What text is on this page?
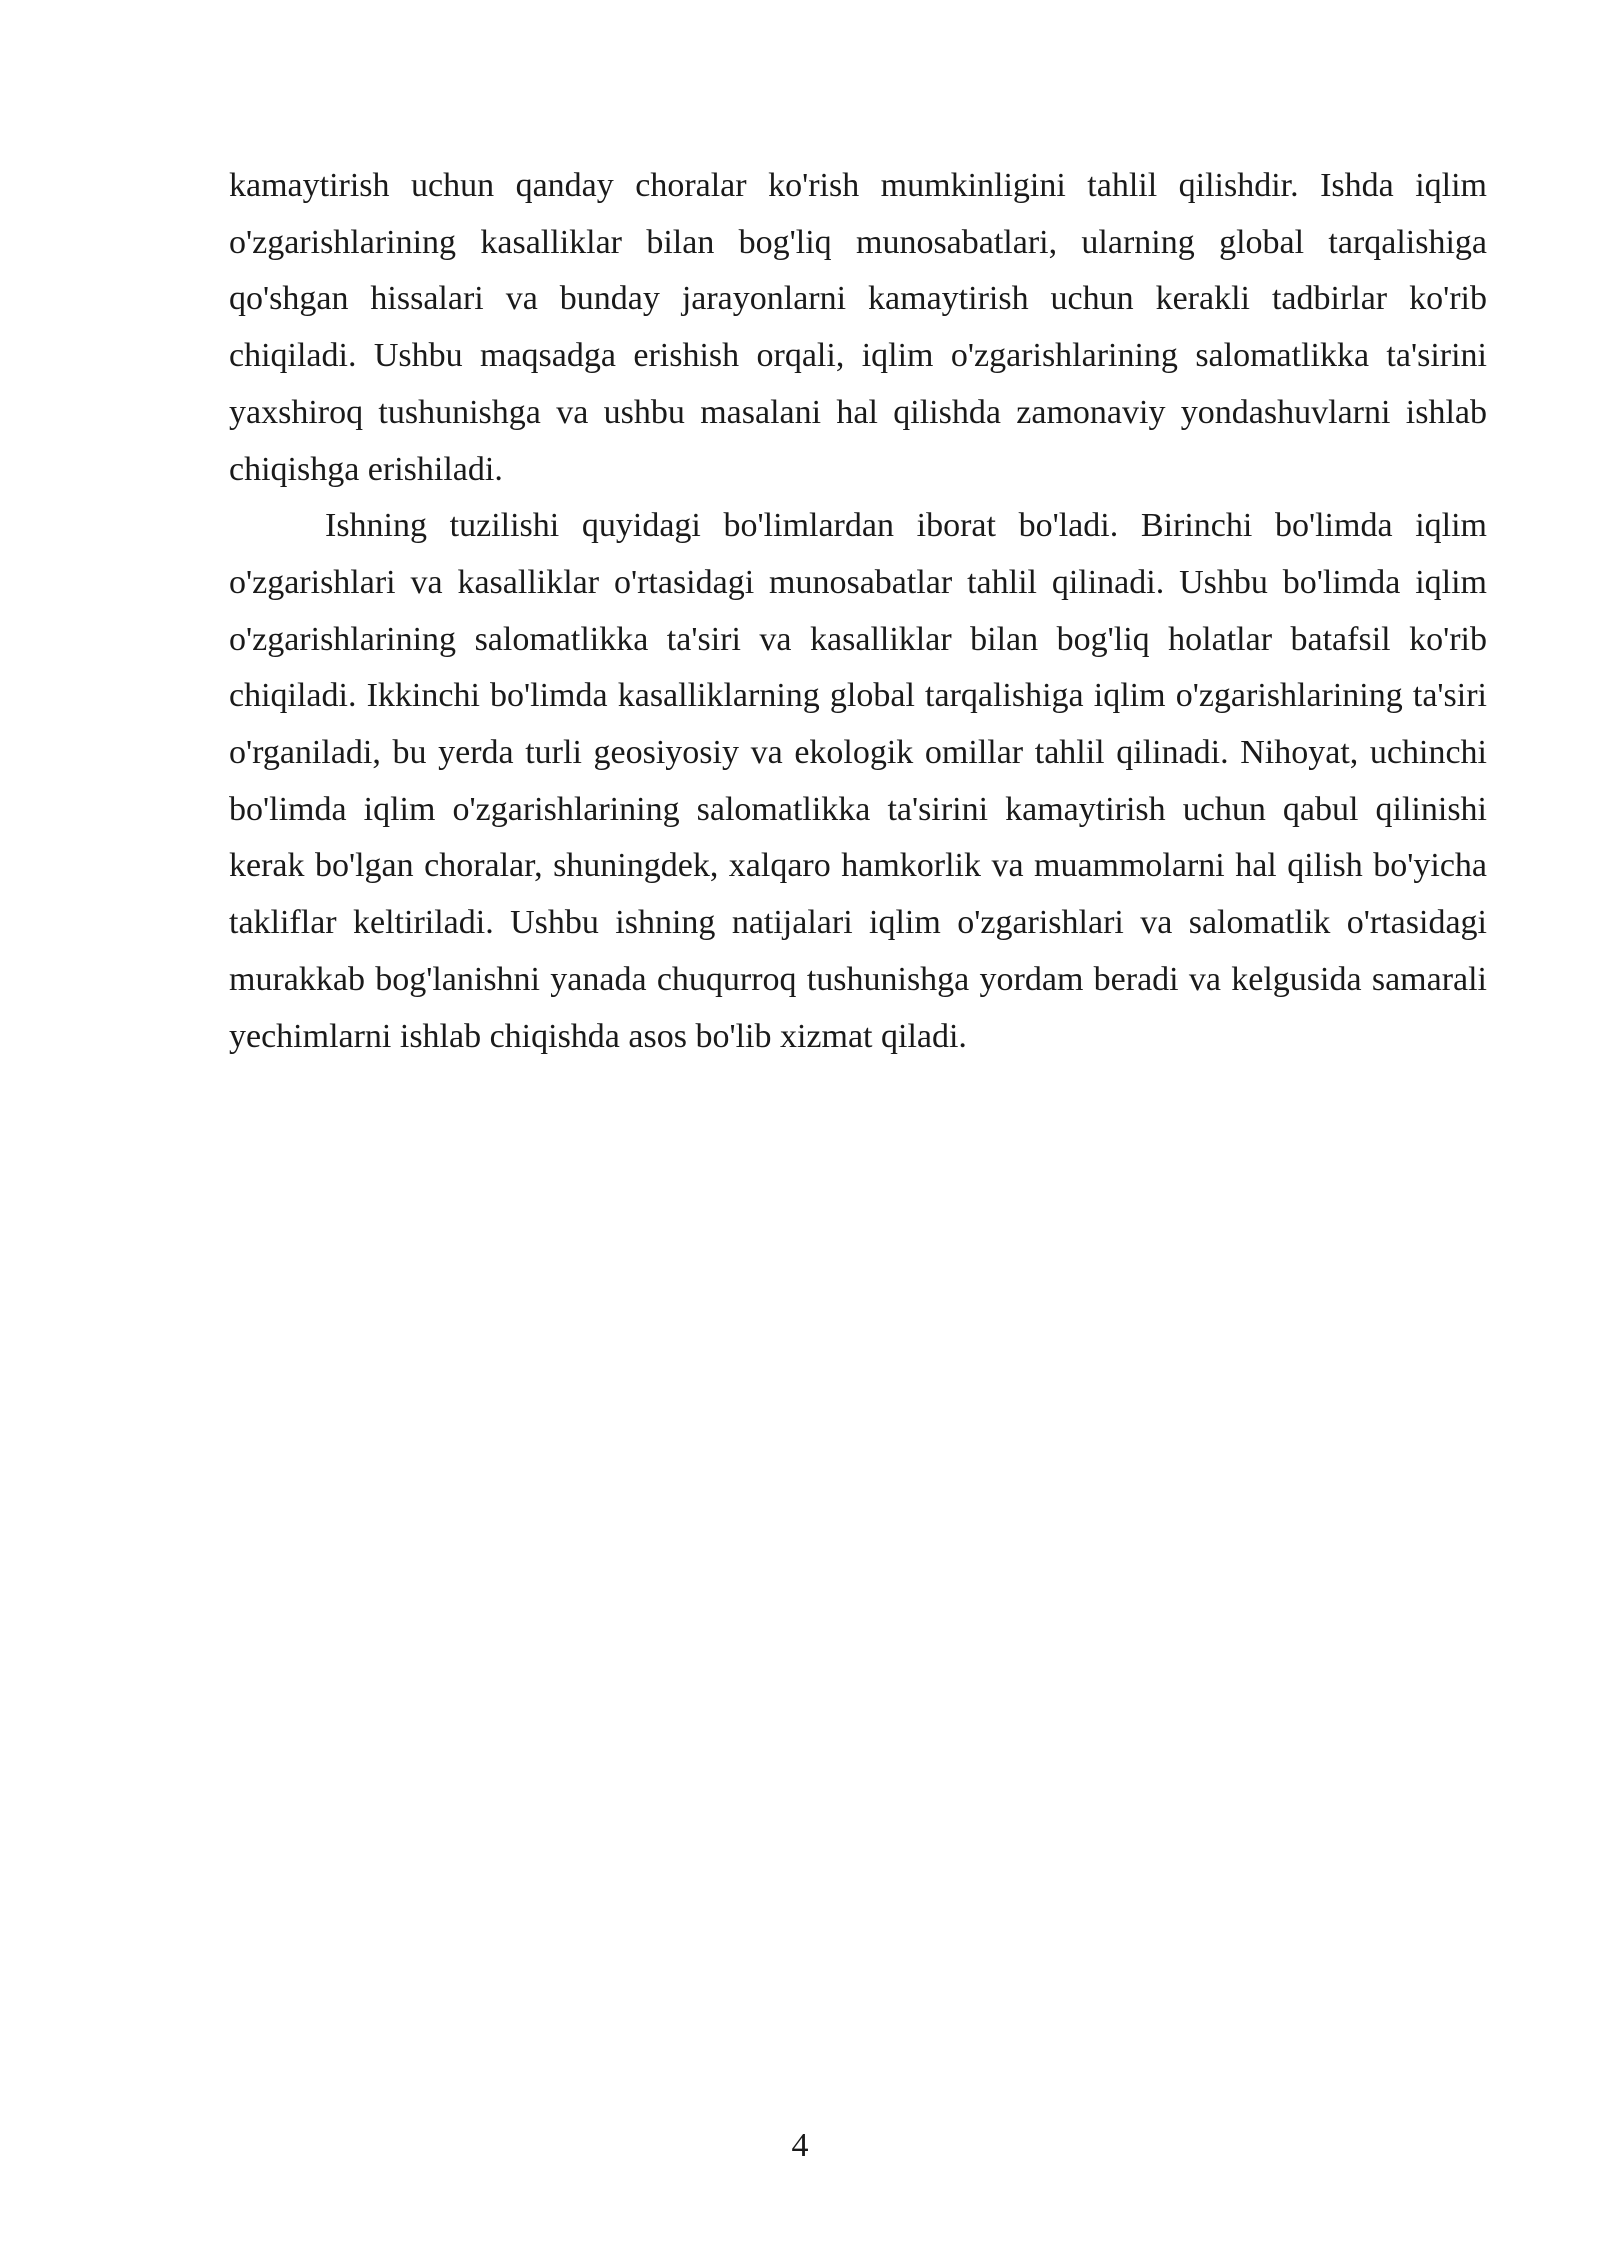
kamaytirish uchun qanday choralar ko'rish mumkinligini tahlil qilishdir. Ishda iqlim o'zgarishlarining kasalliklar bilan bog'liq munosabatlari, ularning global tarqalishiga qo'shgan hissalari va bunday jarayonlarni kamaytirish uchun kerakli tadbirlar ko'rib chiqiladi. Ushbu maqsadga erishish orqali, iqlim o'zgarishlarining salomatlikka ta'sirini yaxshiroq tushunishga va ushbu masalani hal qilishda zamonaviy yondashuvlarni ishlab chiqishga erishiladi.

Ishning tuzilishi quyidagi bo'limlardan iborat bo'ladi. Birinchi bo'limda iqlim o'zgarishlari va kasalliklar o'rtasidagi munosabatlar tahlil qilinadi. Ushbu bo'limda iqlim o'zgarishlarining salomatlikka ta'siri va kasalliklar bilan bog'liq holatlar batafsil ko'rib chiqiladi. Ikkinchi bo'limda kasalliklarning global tarqalishiga iqlim o'zgarishlarining ta'siri o'rganiladi, bu yerda turli geosiyosiy va ekologik omillar tahlil qilinadi. Nihoyat, uchinchi bo'limda iqlim o'zgarishlarining salomatlikka ta'sirini kamaytirish uchun qabul qilinishi kerak bo'lgan choralar, shuningdek, xalqaro hamkorlik va muammolarni hal qilish bo'yicha takliflar keltiriladi. Ushbu ishning natijalari iqlim o'zgarishlari va salomatlik o'rtasidagi murakkab bog'lanishni yanada chuqurroq tushunishga yordam beradi va kelgusida samarali yechimlarni ishlab chiqishda asos bo'lib xizmat qiladi.

4
